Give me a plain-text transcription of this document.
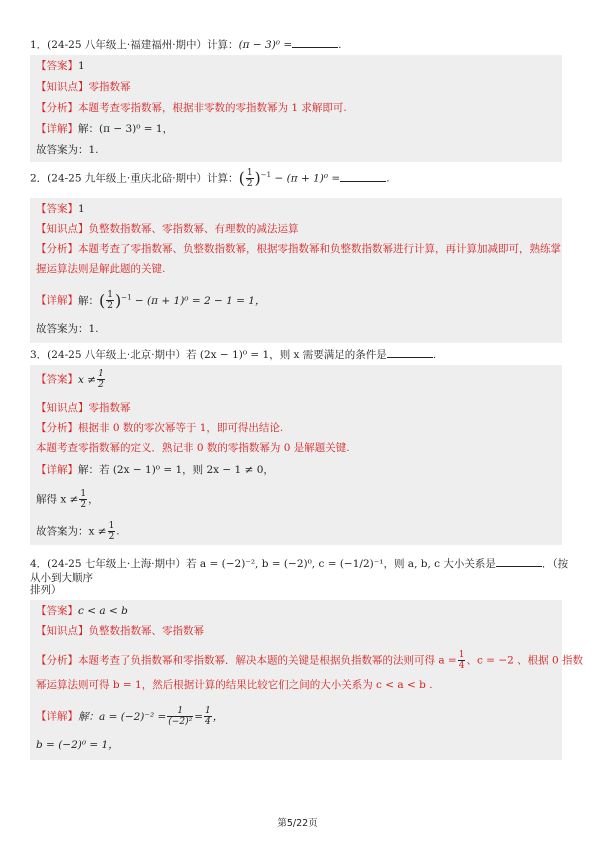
1．(24-25 八年级上·福建福州·期中）计算：(π − 3)⁰ =	.
【答案】1
【知识点】零指数幂
【分析】本题考查零指数幂，根据非零数的零指数幂为 1 求解即可.
【详解】解：(π − 3)⁰ = 1，
故答案为：1.
2．(24-25 九年级上·重庆北碚·期中）计算：( $\frac{1}{2} )^{-1} - (\pi + 1)^0$ =	.
【答案】1
【知识点】负整数指数幂、零指数幂、有理数的减法运算
【分析】本题考查了零指数幂、负整数指数幂，根据零指数幂和负整数指数幂进行计算，再计算加减即可，熟练掌
握运算法则是解此题的关键.
【详解】解：( $\frac{1}{2} )^{-1} - (\pi + 1)^0 = 2 - 1 = 1$，
故答案为：1.
3．(24-25 八年级上·北京·期中）若 (2x − 1)⁰ = 1，则 x 需要满足的条件是	.
【答案】$x \ne \frac{1}{2}$
【知识点】零指数幂
【分析】根据非 0 数的零次幂等于 1，即可得出结论.
本题考查零指数幂的定义．熟记非 0 数的零指数幂为 0 是解题关键.
【详解】解：若 (2x − 1)⁰ = 1，则 2x − 1 ≠ 0，
解得 $x \ne \frac{1}{2}$ ，
故答案为：$x \ne \frac{1}{2}$ .
4．(24-25 七年级上·上海·期中）若 a = (−2)⁻², b = (−2)⁰, c = (−1/2)⁻¹，则 a, b, c 大小关系是	．（按从小到大顺序
排列）
【答案】c < a < b
【知识点】负整数指数幂、零指数幂
【分析】本题考查了负指数幂和零指数幂．解决本题的关键是根据负指数幂的法则可得 $a = \frac{1}{4}$ 、c = −2 、根据 0 指数
幂运算法则可得 b = 1，然后根据计算的结果比较它们之间的大小关系为 c < a < b .
【详解】解：$a = (-2)^{-2} = \frac{1}{\text{(−2)²}} = \frac{1}{4}$ ，
b = (−2)⁰ = 1，
第5/22页
